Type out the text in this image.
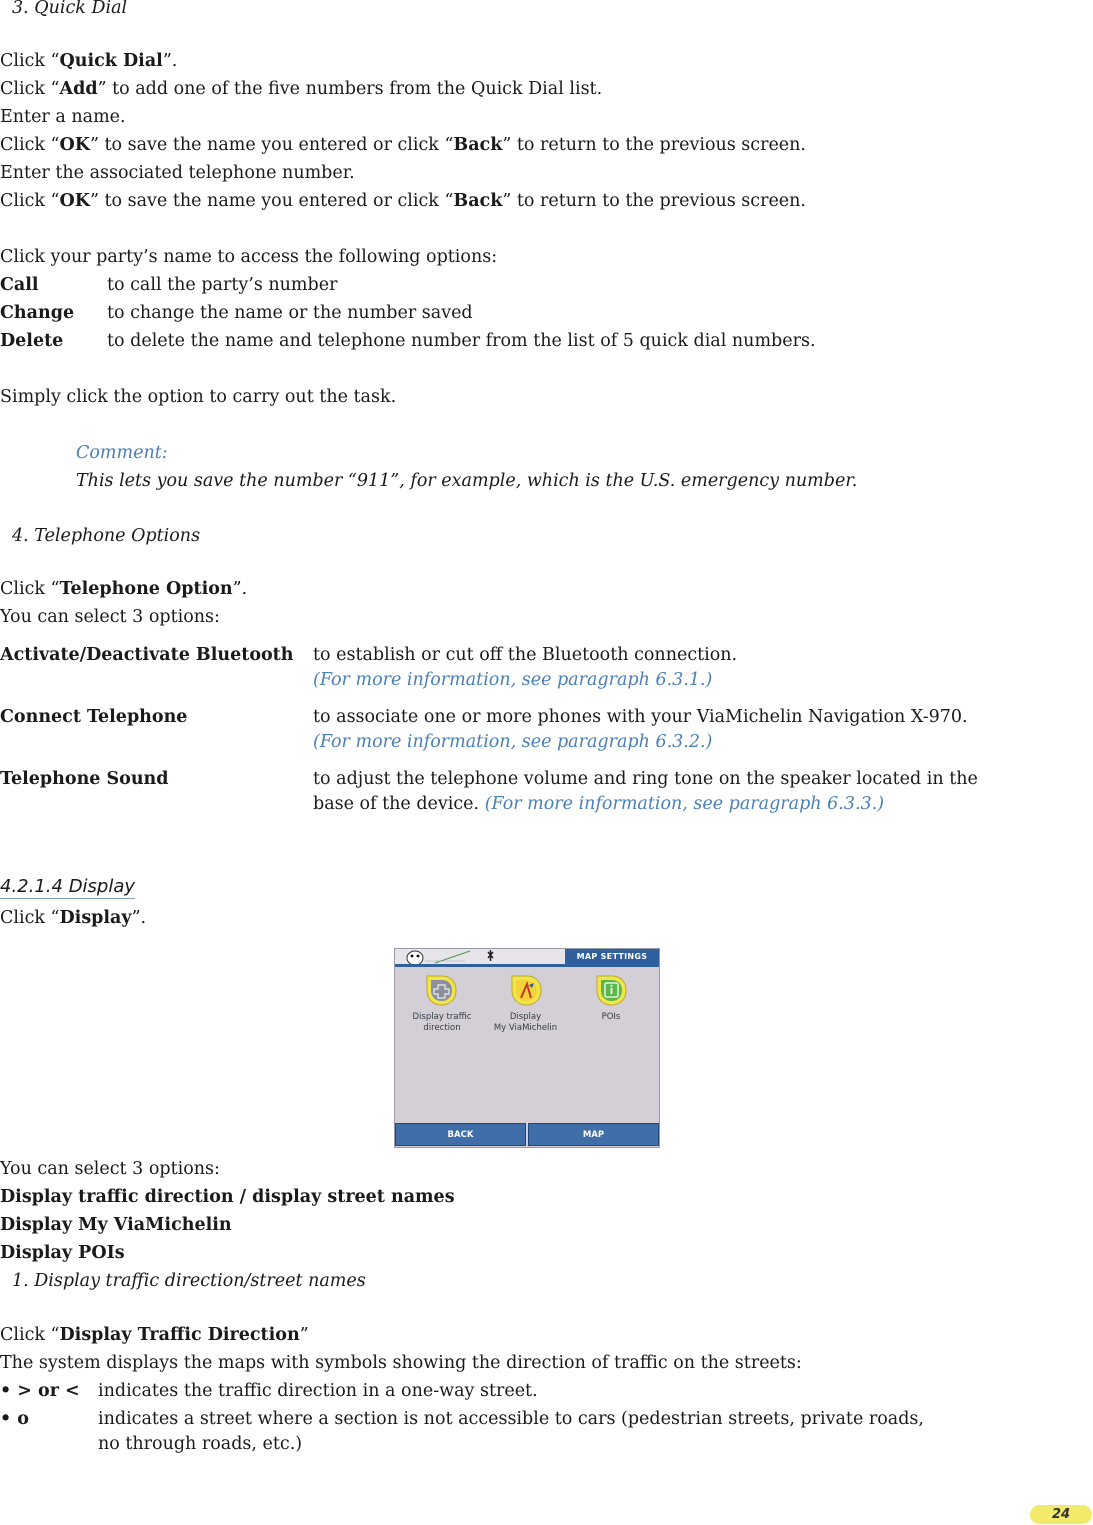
3. Quick Dial
Click “Quick Dial”.
Click “Add” to add one of the five numbers from the Quick Dial list.
Enter a name.
Click “OK” to save the name you entered or click “Back” to return to the previous screen.
Enter the associated telephone number.
Click “OK” to save the name you entered or click “Back” to return to the previous screen.
Click your party’s name to access the following options:
Call	to call the party’s number
Change to change the name or the number saved
Delete to delete the name and telephone number from the list of 5 quick dial numbers.
Simply click the option to carry out the task.
Comment:
This lets you save the number “911”, for example, which is the U.S. emergency number.
4. Telephone Options
Click “Telephone Option”.
You can select 3 options:
Activate/Deactivate Bluetooth to establish or cut off the Bluetooth connection.
(For more information, see paragraph 6.3.1.)
Connect Telephone	to associate one or more phones with your ViaMichelin Navigation X-970.
(For more information, see paragraph 6.3.2.)
Telephone Sound	to adjust the telephone volume and ring tone on the speaker located in the
base of the device. (For more information, see paragraph 6.3.3.)
4.2.1.4 Display
Click “Display”.
MAP SETTINGS
Display traffic
direction
Display
My ViaMichelin
POIs
BACK	MAP
You can select 3 options:
Display traffic direction / display street names
Display My ViaMichelin
Display POIs
1. Display traffic direction/street names
Click “Display Traffic Direction”
The system displays the maps with symbols showing the direction of traffic on the streets:
• > or < indicates the traffic direction in a one-way street.
• o	indicates a street where a section is not accessible to cars (pedestrian streets, private roads,
no through roads, etc.)
24
